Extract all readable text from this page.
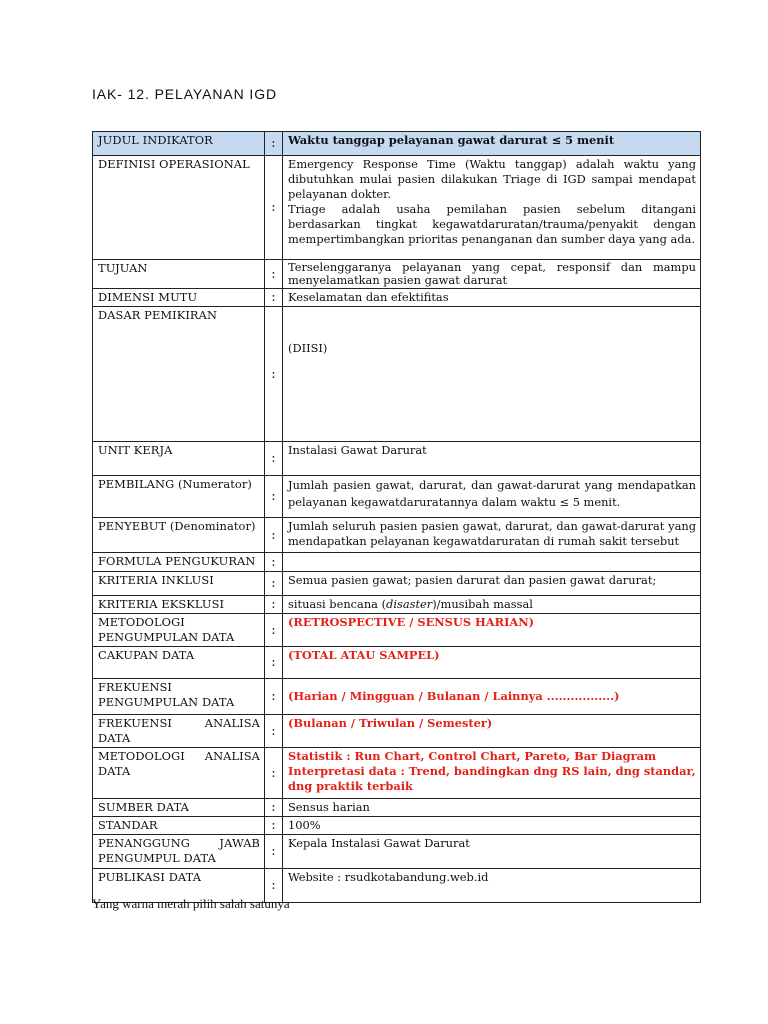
IAK- 12. PELAYANAN IGD
JUDUL INDIKATOR	:	Waktu tanggap pelayanan gawat darurat ≤ 5 menit
DEFINISI OPERASIONAL	:	Emergency Response Time (Waktu tanggap) adalah waktu yang dibutuhkan mulai pasien dilakukan Triage di IGD sampai mendapat pelayanan dokter.
Triage adalah usaha pemilahan pasien sebelum ditangani berdasarkan tingkat kegawatdaruratan/trauma/penyakit dengan mempertimbangkan prioritas penanganan dan sumber daya yang ada.

TUJUAN	:	Terselenggaranya pelayanan yang cepat, responsif dan mampu menyelamatkan pasien gawat darurat
DIMENSI MUTU	:	Keselamatan dan efektifitas
DASAR PEMIKIRAN	:	(DIISI)

UNIT KERJA	:	Instalasi Gawat Darurat
PEMBILANG (Numerator)	:	Jumlah pasien gawat, darurat, dan gawat-darurat yang mendapatkan pelayanan kegawatdaruratannya dalam waktu ≤ 5 menit.
PENYEBUT (Denominator)	:	Jumlah seluruh pasien pasien gawat, darurat, dan gawat-darurat yang mendapatkan pelayanan kegawatdaruratan di rumah sakit tersebut
FORMULA PENGUKURAN	:	
KRITERIA INKLUSI	:	Semua pasien gawat; pasien darurat dan pasien gawat darurat;
KRITERIA EKSKLUSI	:	situasi bencana (disaster)/musibah massal
METODOLOGI PENGUMPULAN DATA	:	(RETROSPECTIVE / SENSUS HARIAN)
CAKUPAN DATA	:	(TOTAL ATAU SAMPEL)
FREKUENSI PENGUMPULAN DATA	:	(Harian / Mingguan / Bulanan / Lainnya .................)
FREKUENSI ANALISA DATA	:	(Bulanan / Triwulan / Semester)
METODOLOGI ANALISA DATA	:	Statistik : Run Chart, Control Chart, Pareto, Bar Diagram
Interpretasi data : Trend, bandingkan dng RS lain, dng standar, dng praktik terbaik

SUMBER DATA	:	Sensus harian
STANDAR	:	100%
PENANGGUNG JAWAB PENGUMPUL DATA	:	Kepala Instalasi Gawat Darurat
PUBLIKASI DATA	:	Website : rsudkotabandung.web.id
Yang warna merah pilih salah satunya
